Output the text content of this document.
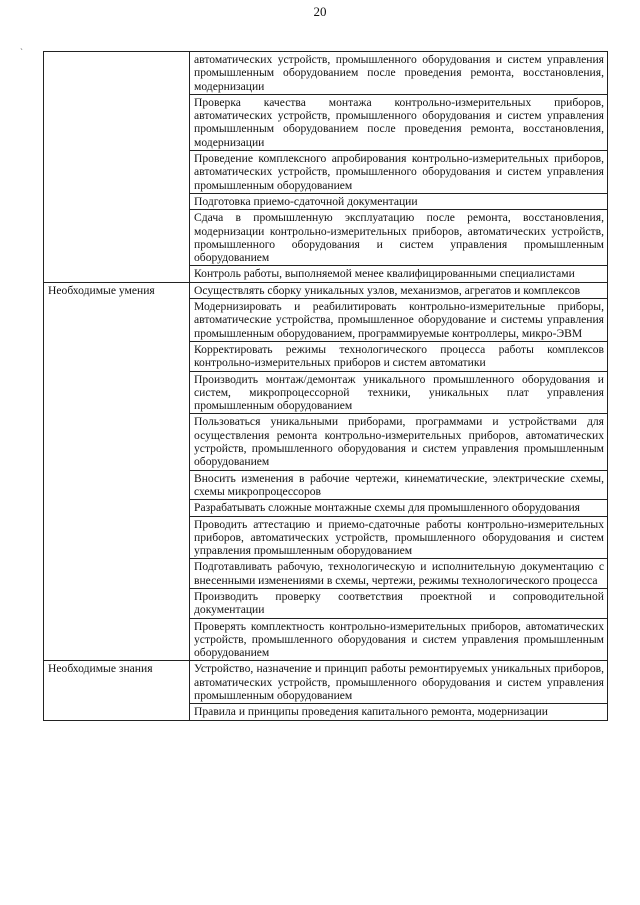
20
`

	автоматических устройств, промышленного оборудования и систем управления промышленным оборудованием после проведения ремонта, восстановления, модернизации

	Проверка качества монтажа контрольно-измерительных приборов, автоматических устройств, промышленного оборудования и систем управления промышленным оборудованием после проведения ремонта, восстановления, модернизации

	Проведение комплексного апробирования контрольно-измерительных приборов, автоматических устройств, промышленного оборудования и систем управления промышленным оборудованием

	Подготовка приемо-сдаточной документации

	Сдача в промышленную эксплуатацию после ремонта, восстановления, модернизации контрольно-измерительных приборов, автоматических устройств, промышленного оборудования и систем управления промышленным оборудованием

	Контроль работы, выполняемой менее квалифицированными специалистами

Необходимые умения	Осуществлять сборку уникальных узлов, механизмов, агрегатов и комплексов

	Модернизировать и реабилитировать контрольно-измерительные приборы, автоматические устройства, промышленное оборудование и системы управления промышленным оборудованием, программируемые контроллеры, микро-ЭВМ

	Корректировать режимы технологического процесса работы комплексов контрольно-измерительных приборов и систем автоматики

	Производить монтаж/демонтаж уникального промышленного оборудования и систем, микропроцессорной техники, уникальных плат управления промышленным оборудованием

	Пользоваться уникальными приборами, программами и устройствами для осуществления ремонта контрольно-измерительных приборов, автоматических устройств, промышленного оборудования и систем управления промышленным оборудованием

	Вносить изменения в рабочие чертежи, кинематические, электрические схемы, схемы микропроцессоров

	Разрабатывать сложные монтажные схемы для промышленного оборудования

	Проводить аттестацию и приемо-сдаточные работы контрольно-измерительных приборов, автоматических устройств, промышленного оборудования и систем управления промышленным оборудованием

	Подготавливать рабочую, технологическую и исполнительную документацию с внесенными изменениями в схемы, чертежи, режимы технологического процесса

	Производить проверку соответствия проектной и сопроводительной документации

	Проверять комплектность контрольно-измерительных приборов, автоматических устройств, промышленного оборудования и систем управления промышленным оборудованием

Необходимые знания	Устройство, назначение и принцип работы ремонтируемых уникальных приборов, автоматических устройств, промышленного оборудования и систем управления промышленным оборудованием

	Правила и принципы проведения капитального ремонта, модернизации
